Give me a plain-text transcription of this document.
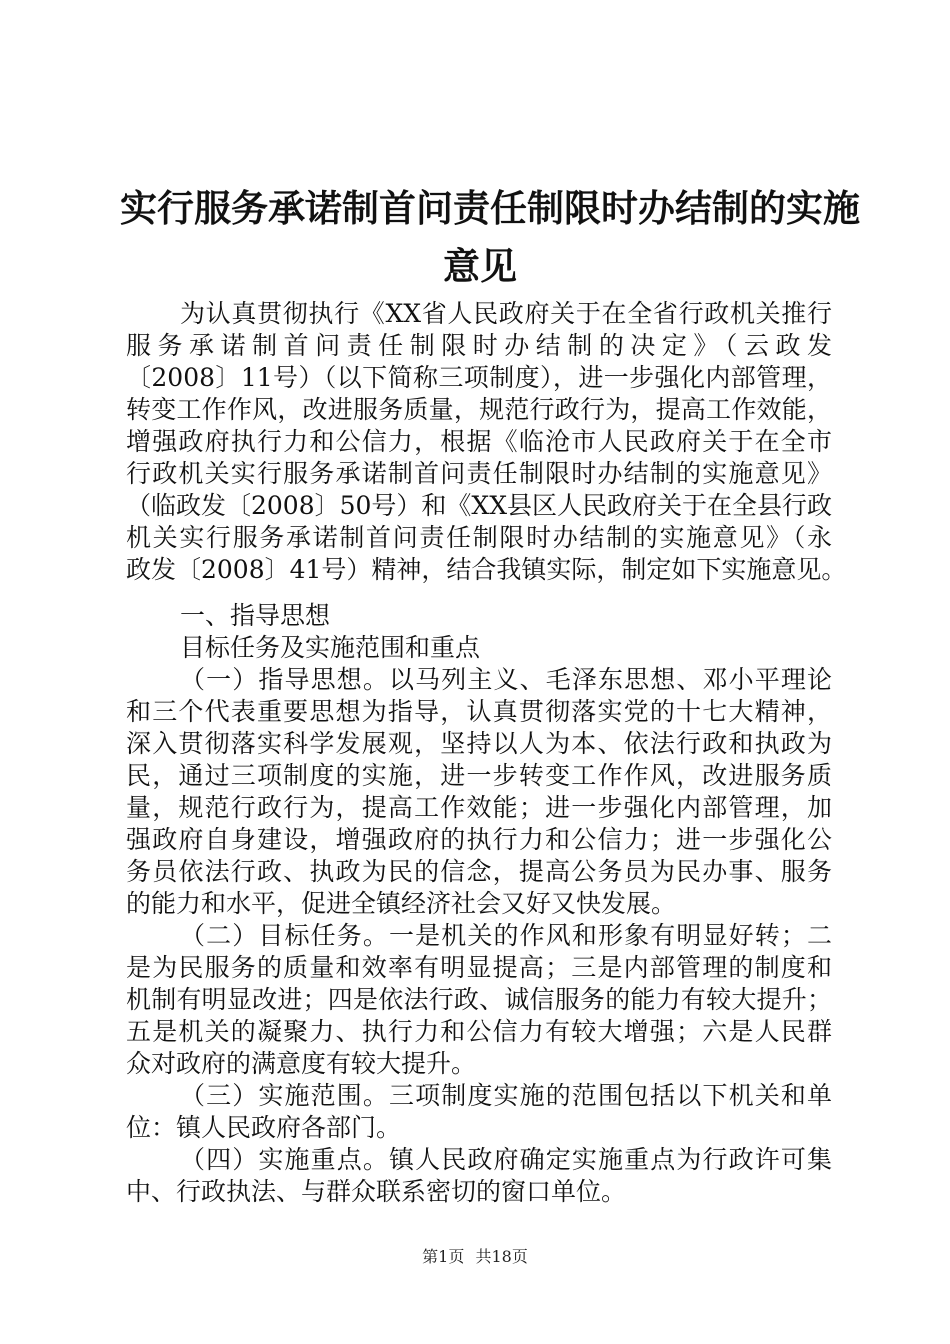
实行服务承诺制首问责任制限时办结制的实施
意见
为认真贯彻执行《XX省人民政府关于在全省行政机关推行
服务承诺制首问责任制限时办结制的决定》（云政发
〔2008〕11号）（以下简称三项制度），进一步强化内部管理，
转变工作作风，改进服务质量，规范行政行为，提高工作效能，
增强政府执行力和公信力，根据《临沧市人民政府关于在全市
行政机关实行服务承诺制首问责任制限时办结制的实施意见》
（临政发〔2008〕50号）和《XX县区人民政府关于在全县行政
机关实行服务承诺制首问责任制限时办结制的实施意见》（永
政发〔2008〕41号）精神，结合我镇实际，制定如下实施意见。
一、指导思想
目标任务及实施范围和重点
（一）指导思想。以马列主义、毛泽东思想、邓小平理论
和三个代表重要思想为指导，认真贯彻落实党的十七大精神，
深入贯彻落实科学发展观，坚持以人为本、依法行政和执政为
民，通过三项制度的实施，进一步转变工作作风，改进服务质
量，规范行政行为，提高工作效能；进一步强化内部管理，加
强政府自身建设，增强政府的执行力和公信力；进一步强化公
务员依法行政、执政为民的信念，提高公务员为民办事、服务
的能力和水平，促进全镇经济社会又好又快发展。
（二）目标任务。一是机关的作风和形象有明显好转；二
是为民服务的质量和效率有明显提高；三是内部管理的制度和
机制有明显改进；四是依法行政、诚信服务的能力有较大提升；
五是机关的凝聚力、执行力和公信力有较大增强；六是人民群
众对政府的满意度有较大提升。
（三）实施范围。三项制度实施的范围包括以下机关和单
位：镇人民政府各部门。
（四）实施重点。镇人民政府确定实施重点为行政许可集
中、行政执法、与群众联系密切的窗口单位。
第1页 共18页
